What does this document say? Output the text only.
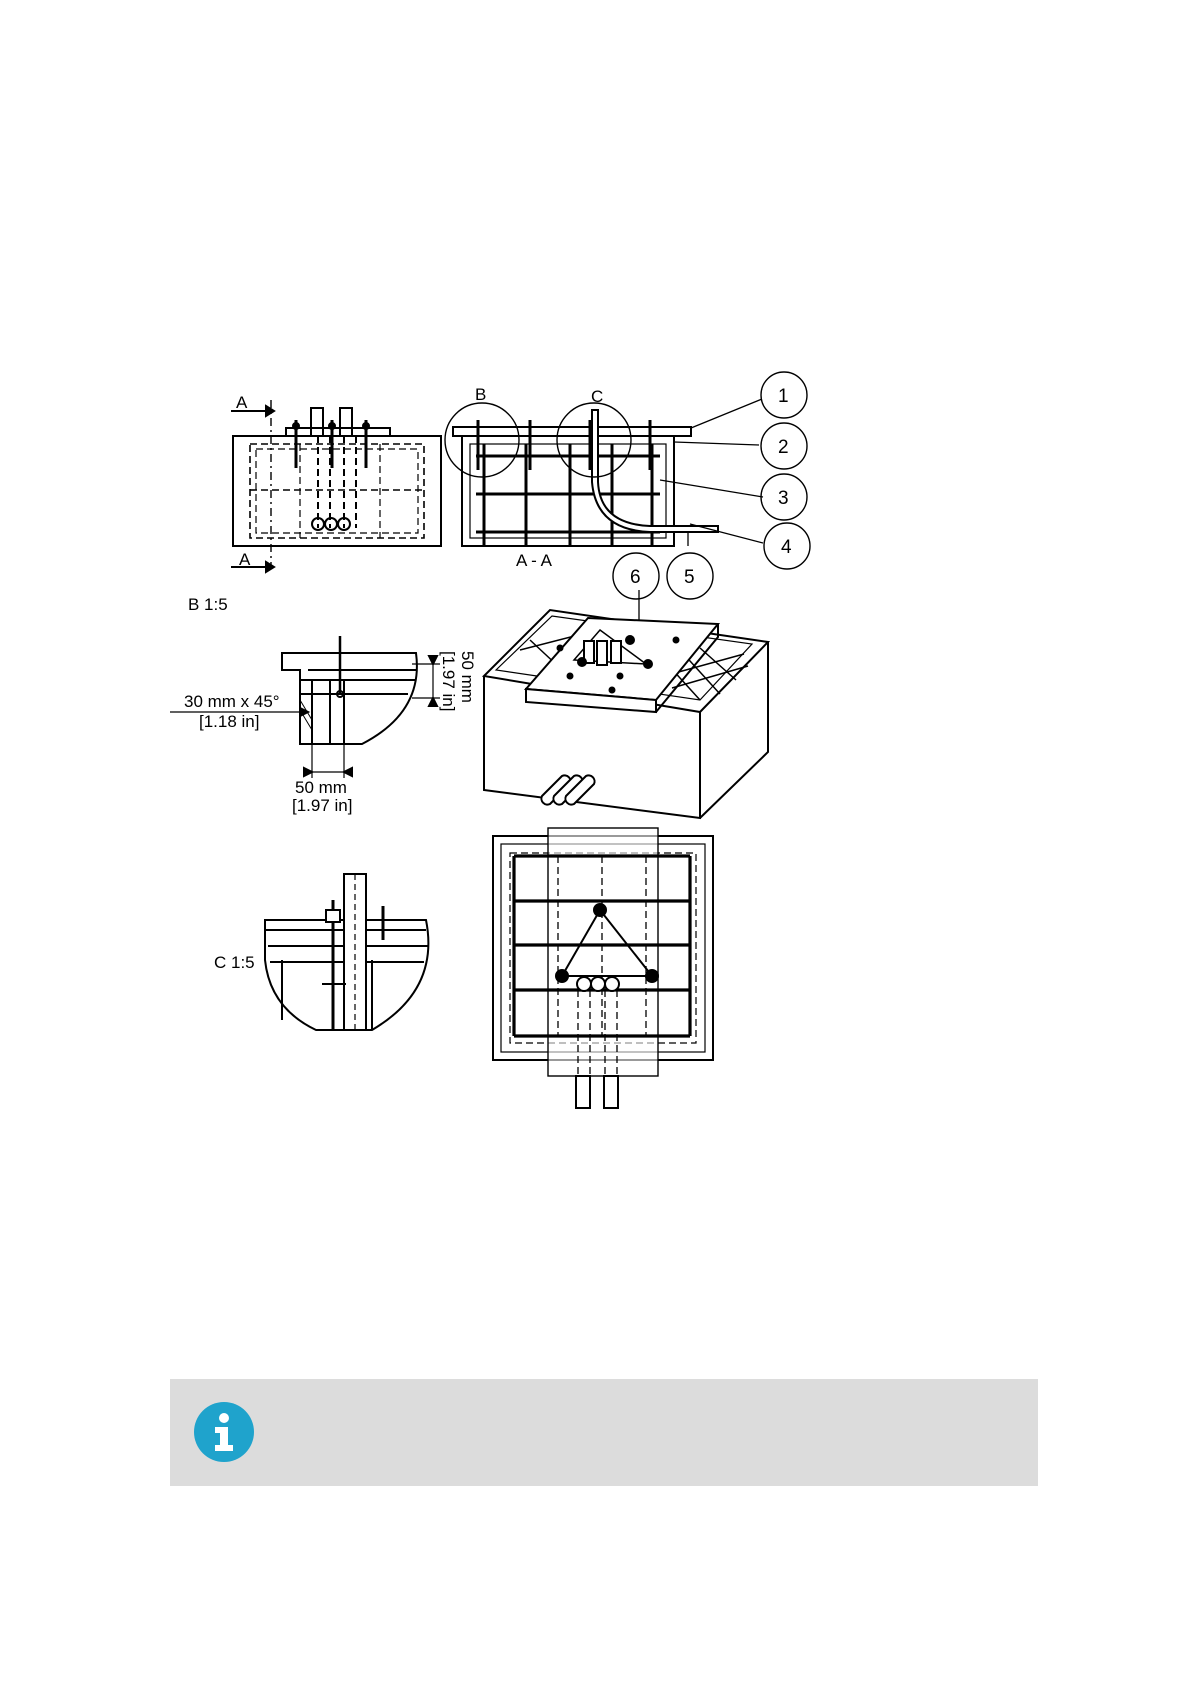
A
A
B	C
A - A
1
2
3
4
6 5
B 1:5
30 mm x 45°
[1.18 in]
50 mm
[1.97 in]
50 mm
[1.97 in]
C 1:5
